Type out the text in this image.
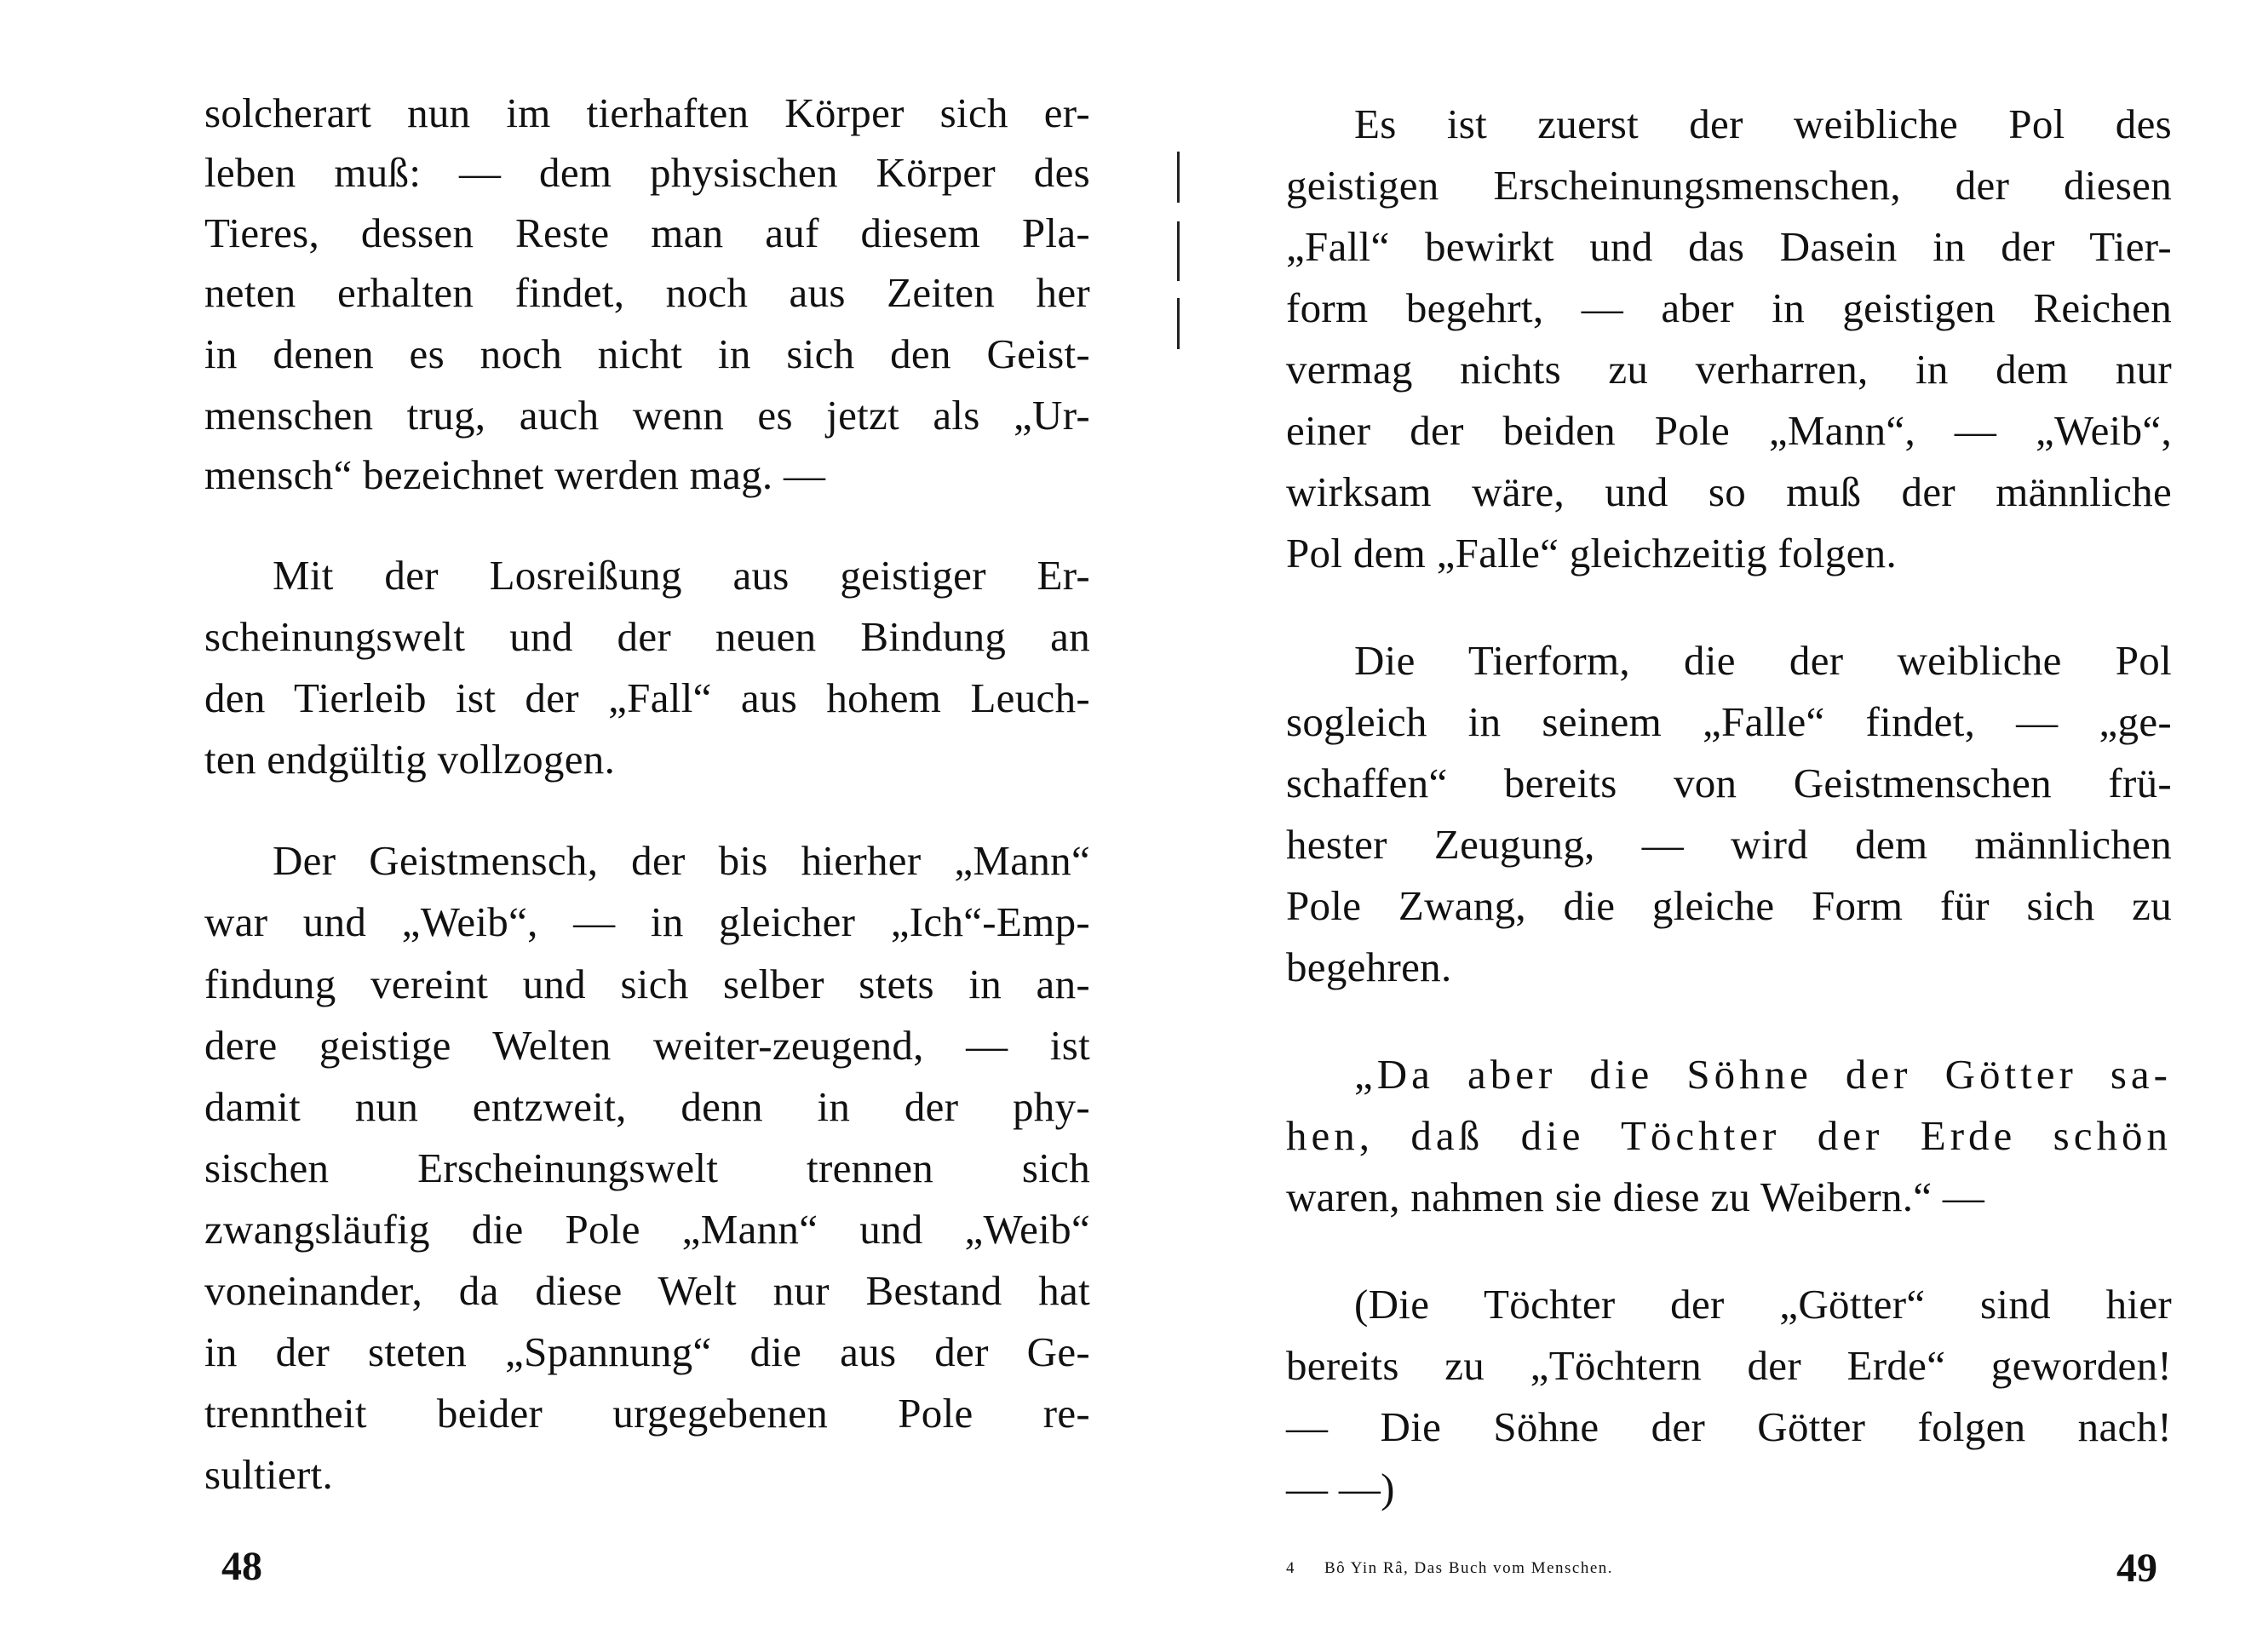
solcherart nun im tierhaften Körper sich er-
leben muß: — dem physischen Körper des
Tieres, dessen Reste man auf diesem Pla-
neten erhalten findet, noch aus Zeiten her
in denen es noch nicht in sich den Geist-
menschen trug, auch wenn es jetzt als „Ur-
mensch“ bezeichnet werden mag. —
Mit der Losreißung aus geistiger Er-
scheinungswelt und der neuen Bindung an
den Tierleib ist der „Fall“ aus hohem Leuch-
ten endgültig vollzogen.
Der Geistmensch, der bis hierher „Mann“
war und „Weib“, — in gleicher „Ich“-Emp-
findung vereint und sich selber stets in an-
dere geistige Welten weiter-zeugend, — ist
damit nun entzweit, denn in der phy-
sischen Erscheinungswelt trennen sich
zwangsläufig die Pole „Mann“ und „Weib“
voneinander, da diese Welt nur Bestand hat
in der steten „Spannung“ die aus der Ge-
trenntheit beider urgegebenen Pole re-
sultiert.
48
Es ist zuerst der weibliche Pol des
geistigen Erscheinungsmenschen, der diesen
„Fall“ bewirkt und das Dasein in der Tier-
form begehrt, — aber in geistigen Reichen
vermag nichts zu verharren, in dem nur
einer der beiden Pole „Mann“, — „Weib“,
wirksam wäre, und so muß der männliche
Pol dem „Falle“ gleichzeitig folgen.
Die Tierform, die der weibliche Pol
sogleich in seinem „Falle“ findet, — „ge-
schaffen“ bereits von Geistmenschen frü-
hester Zeugung, — wird dem männlichen
Pole Zwang, die gleiche Form für sich zu
begehren.
„Da aber die Söhne der Götter sa-
hen, daß die Töchter der Erde schön
waren, nahmen sie diese zu Weibern.“ —
(Die Töchter der „Götter“ sind hier
bereits zu „Töchtern der Erde“ geworden!
— Die Söhne der Götter folgen nach!
— —)
4 Bô Yin Râ, Das Buch vom Menschen.	49
